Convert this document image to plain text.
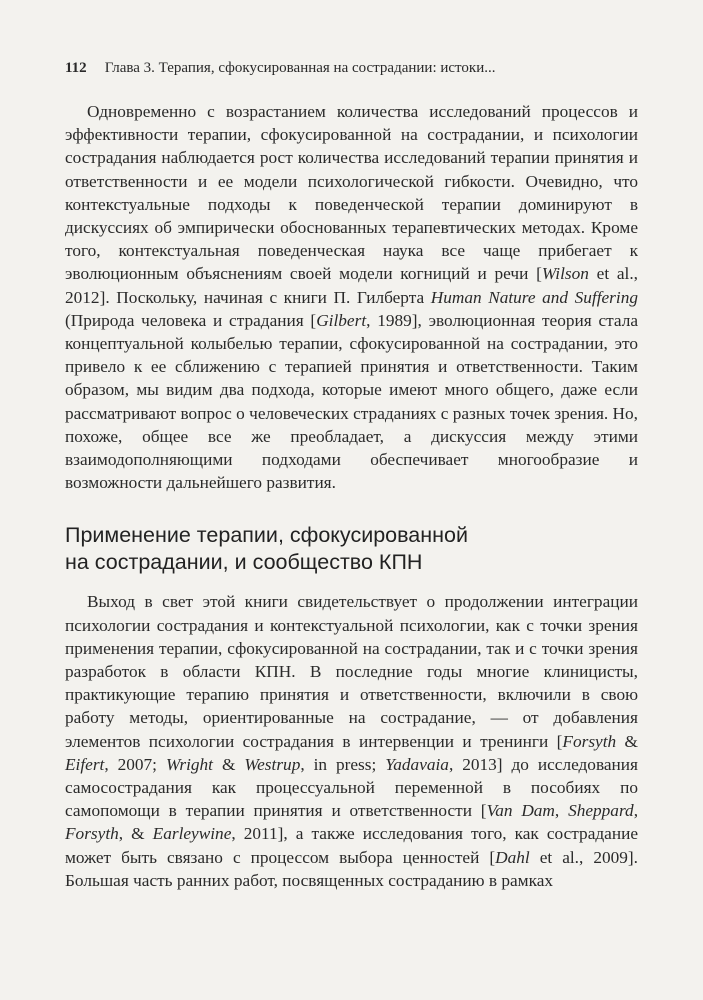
112 Глава 3. Терапия, сфокусированная на сострадании: истоки...

Одновременно с возрастанием количества исследований процессов и эффективности терапии, сфокусированной на сострадании, и психологии сострадания наблюдается рост количества исследований терапии принятия и ответственности и ее модели психологической гибкости. Очевидно, что контекстуальные подходы к поведенческой терапии доминируют в дискуссиях об эмпирически обоснованных терапевтических методах. Кроме того, контекстуальная поведенческая наука все чаще прибегает к эволюционным объяснениям своей модели когниций и речи [Wilson et al., 2012]. Поскольку, начиная с книги П. Гилберта Human Nature and Suffering (Природа человека и страдания [Gilbert, 1989], эволюционная теория стала концептуальной колыбелью терапии, сфокусированной на сострадании, это привело к ее сближению с терапией принятия и ответственности. Таким образом, мы видим два подхода, которые имеют много общего, даже если рассматривают вопрос о человеческих страданиях с разных точек зрения. Но, похоже, общее все же преобладает, а дискуссия между этими взаимодополняющими подходами обеспечивает многообразие и возможности дальнейшего развития.

Применение терапии, сфокусированной
на сострадании, и сообщество КПН

Выход в свет этой книги свидетельствует о продолжении интеграции психологии сострадания и контекстуальной психологии, как с точки зрения применения терапии, сфокусированной на сострадании, так и с точки зрения разработок в области КПН. В последние годы многие клиницисты, практикующие терапию принятия и ответственности, включили в свою работу методы, ориентированные на сострадание, — от добавления элементов психологии сострадания в интервенции и тренинги [Forsyth & Eifert, 2007; Wright & Westrup, in press; Yadavaia, 2013] до исследования самосострадания как процессуальной переменной в пособиях по самопомощи в терапии принятия и ответственности [Van Dam, Sheppard, Forsyth, & Earleywine, 2011], а также исследования того, как сострадание может быть связано с процессом выбора ценностей [Dahl et al., 2009]. Большая часть ранних работ, посвященных состраданию в рамках
